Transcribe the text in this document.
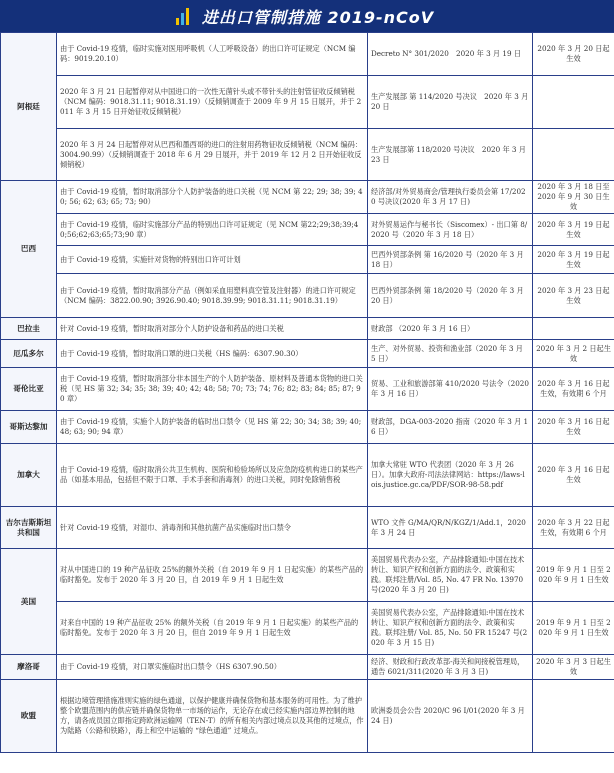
进出口管制措施 2019-nCoV
阿根廷	由于 Covid-19 疫情，临时实施对医用呼吸机（人工呼吸设备）的出口许可证规定（NCM 编码：9019.20.10）	Decreto N° 301/2020　2020 年 3 月 19 日	2020 年 3 月 20 日起生效
	2020 年 3 月 21 日起暂停对从中国进口的一次性无菌针头或不带针头的注射管征收反倾销税（NCM 编码：9018.31.11; 9018.31.19）（反倾销调查于 2009 年 9 月 15 日展开，并于 2011 年 3 月 15 日开始征收反倾销税）	生产发展部 第 114/2020 号决议　2020 年 3 月 20 日	
	2020 年 3 月 24 日起暂停对从巴西和墨西哥的进口的注射用药物征收反倾销税（NCM 编码：3004.90.99）（反倾销调查于 2018 年 6 月 29 日展开，并于 2019 年 12 月 2 日开始征收反倾销税）	生产发展部第 118/2020 号决议　2020 年 3 月 23 日	
巴西	由于 Covid-19 疫情，暂时取消部分个人防护装备的进口关税（见 NCM 第 22; 29; 38; 39; 40; 56; 62; 63; 65; 73; 90）	经济部/对外贸易商会/管理执行委员会第 17/2020 号决议(2020 年 3 月 17 日)	2020 年 3 月 18 日至 2020 年 9 月 30 日生效
	由于 Covid-19 疫情，临时实施部分产品的特别出口许可证规定（见 NCM 第22;29;38;39;40;56;62;63;65;73;90 章）	对外贸易运作与秘书长（Siscomex）- 出口第 8/2020 号（2020 年 3 月 18 日）	2020 年 3 月 19 日起生效
	由于 Covid-19 疫情，实施针对货物的特别出口许可计划	巴西外贸部条例 第 16/2020 号（2020 年 3 月 18 日）	2020 年 3 月 19 日起生效
	由于 Covid-19 疫情，暂时取消部分产品（例如采血用塑料真空管及注射器）的进口许可规定（NCM 编码：3822.00.90; 3926.90.40; 9018.39.99; 9018.31.11; 9018.31.19）	巴西外贸部条例 第 18/2020 号（2020 年 3 月 20 日）	2020 年 3 月 23 日起生效
巴拉圭	针对 Covid-19 疫情，暂时取消对部分个人防护设备和药品的进口关税	财政部 （2020 年 3 月 16 日）	
厄瓜多尔	由于 Covid-19 疫情，暂时取消口罩的进口关税（HS 编码：6307.90.30）	生产、对外贸易、投资和渔业部（2020 年 3 月 5 日）	2020 年 3 月 2 日起生效
哥伦比亚	由于 Covid-19 疫情，暂时取消部分非本国生产的个人防护装备、原材料及普通本货物的进口关税（见 HS 第 32; 34; 35; 38; 39; 40; 42; 48; 58; 70; 73; 74; 76; 82; 83; 84; 85; 87; 90 章）	贸易、工业和旅游部第 410/2020 号法令（2020 年 3 月 16 日）	2020 年 3 月 16 日起生效，有效期 6 个月
哥斯达黎加	由于 Covid-19 疫情，实施个人防护装备的临时出口禁令（见 HS 第 22; 30; 34; 38; 39; 40; 48; 63; 90; 94 章）	财政部，DGA-003-2020 指南（2020 年 3 月 16 日）	2020 年 3 月 16 日起生效
加拿大	由于 Covid-19 疫情，临时取消公共卫生机构、医院和检验场所以及应急防疫机构进口的某些产品（如基本用品，包括但不限于口罩、手术手套和消毒剂）的进口关税，同时免除销售税	加拿大常驻 WTO 代表团（2020 年 3 月 26 日）。加拿大政府-司法法律网站：https://laws-lois.justice.gc.ca/PDF/SOR-98-58.pdf	2020 年 3 月 16 日起生效
吉尔吉斯斯坦共和国	针对 Covid-19 疫情，对湿巾、消毒剂和其他抗菌产品实施临时出口禁令	WTO 文件 G/MA/QR/N/KGZ/1/Add.1，2020 年 3 月 24 日	2020 年 3 月 22 日起生效，有效期 6 个月
美国	对从中国进口的 19 种产品征收 25%的额外关税（自 2019 年 9 月 1 日起实施）的某些产品的临时豁免。发布于 2020 年 3 月 20 日，自 2019 年 9 月 1 日起生效	美国贸易代表办公室，产品排除通知:中国在技术转让、知识产权和创新方面的法令、政策和实践。联邦注册/Vol. 85, No. 47 FR No. 13970 号(2020 年 3 月 20 日)	2019 年 9 月 1 日至 2020 年 9 月 1 日生效
	对来自中国的 19 种产品征收 25% 的额外关税（自 2019 年 9 月 1 日起实施）的某些产品的临时豁免。发布于 2020 年 3 月 20 日，但自 2019 年 9 月 1 日起生效	美国贸易代表办公室，产品排除通知:中国在技术转让、知识产权和创新方面的法令、政策和实践。联邦注册/ Vol. 85, No. 50 FR 15247 号(2020 年 3 月 15 日)	2019 年 9 月 1 日至 2020 年 9 月 1 日生效
摩洛哥	由于 Covid-19 疫情，对口罩实施临时出口禁令（HS 6307.90.50）	经济、财政和行政改革部-海关和间接税管理局，通告 6021/311(2020 年 3 月 3 日)	2020 年 3 月 3 日起生效
欧盟	根据边境管理措施准则实施的绿色通道，以保护健康并确保货物和基本服务的可用性。为了维护整个欧盟范围内的供应链并确保货物单一市场的运作，无论存在或已经实施内部边界控制的地方，请各成员国立即指定跨欧洲运输网（TEN-T）的所有相关内部过境点以及其他的过境点，作为陆路（公路和铁路），海上和空中运输的 “绿色通道” 过境点。	欧洲委员会公告 2020/C 96 I/01(2020 年 3 月 24 日)	
